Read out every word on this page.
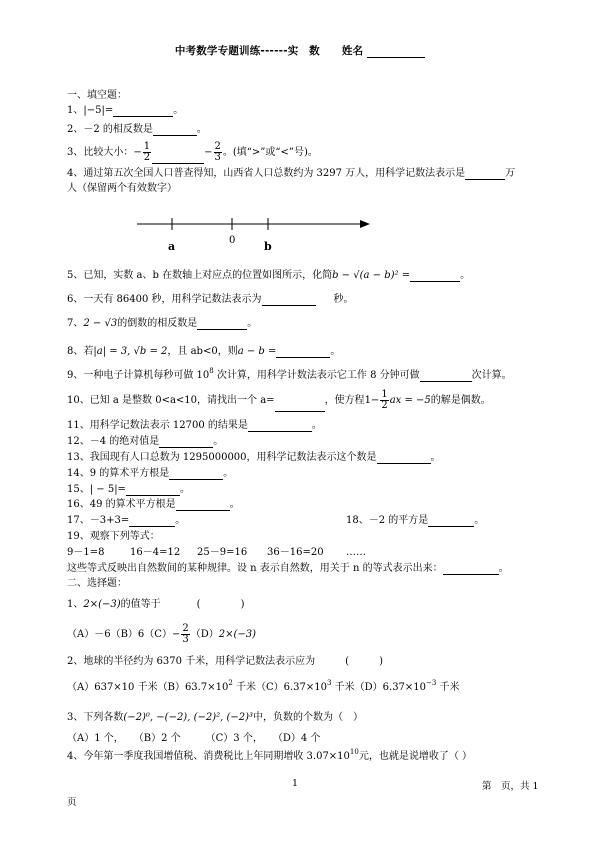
中考数学专题训练------实　数 姓名
一、填空题：
1、|−5|=	。
2、－2 的相反数是	。
3、比较大小：− $\frac{1}{2}$	− $\frac{2}{3}$ 。(填“>”或“<”号)。
4、通过第五次全国人口普查得知，山西省人口总数约为 3297 万人，用科学记数法表示是	万
人（保留两个有效数字）
a	0	b
5、已知，实数 a、b 在数轴上对应点的位置如图所示，化简b − √(a − b)² =	。
6、一天有 86400 秒，用科学记数法表示为	秒。
7、2 − √3的倒数的相反数是	。
8、若|a| = 3, √b = 2，且 ab<0，则a − b =	。
9、一种电子计算机每秒可做 $10^8$ 次计算，用科学计数法表示它工作 8 分钟可做	次计算。
10、已知 a 是整数 0<a<10，请找出一个 a=	，使方程$1- \frac{1}{2}$ ax = −5的解是偶数。
11、用科学记数法表示 12700 的结果是	。
12、－4 的绝对值是	。
13、我国现有人口总数为 1295000000，用科学记数法表示这个数是	。
14、9 的算术平方根是	。
15、| − 5|=	。
16、49 的算术平方根是	。
17、－3+3=	。	18、－2 的平方是	。
19、观察下列等式：
9－1=8	16－4=12 25－9=16 36－16=20 ……
这些等式反映出自然数间的某种规律。设 n 表示自然数，用关于 n 的等式表示出来：	。
二、选择题：
1、2×(−3)的值等于	(	)
$(A)-6(B)6(C)- \frac{2}{3} (D)2\times(-3)$
2、地球的半径约为 6370 千米，用科学记数法表示应为	(	)
（A）637×10 千米$(B)63.7\times 10^2$ 千米$(C)6.37\times 10^3$ 千米$(D)6.37\times 10^{-3}$ 千米
3、下列各数(−2)⁰, −(−2), (−2)², (−2)³中，负数的个数为（　）
（A）1 个，　　（B）2 个　　　（C）3 个，　　（D）4 个
4、今年第一季度我国增值税、消费税比上年同期增收 $3.07\times 10^{10}$元，也就是说增收了（ ）
1	第　页，共 1
页
